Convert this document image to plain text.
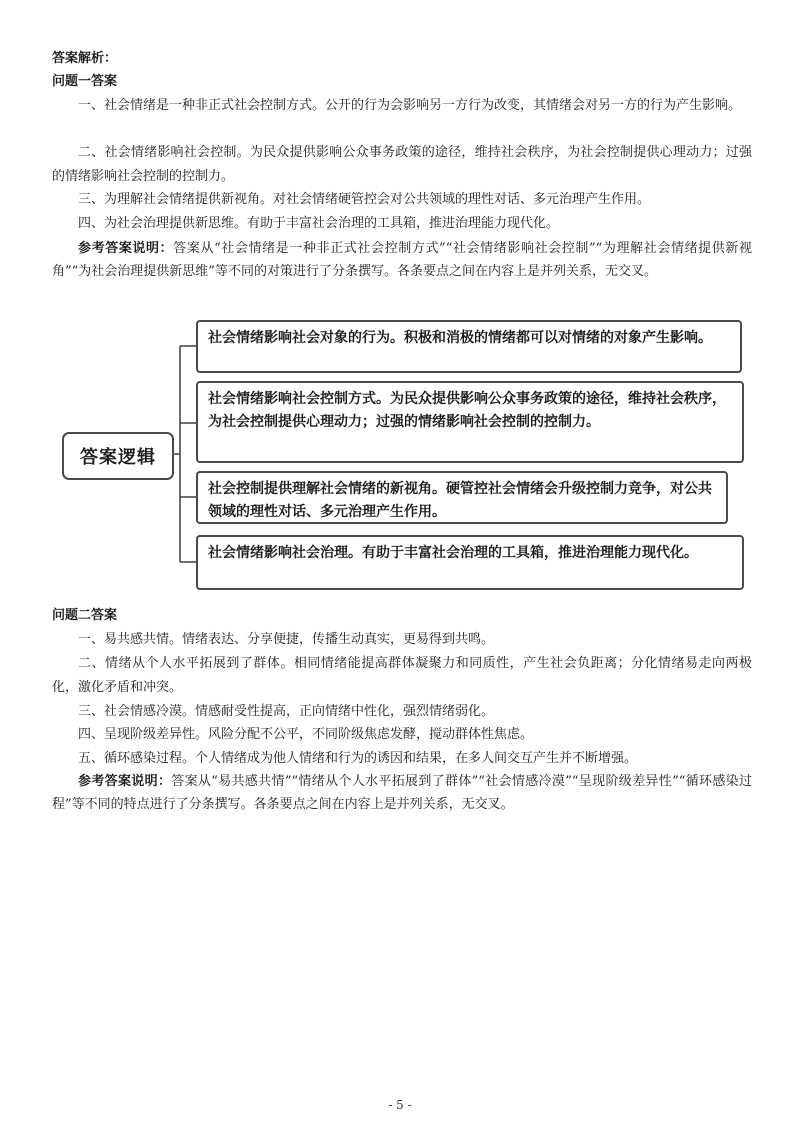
答案解析：
问题一答案
一、社会情绪是一种非正式社会控制方式。公开的行为会影响另一方行为改变，其情绪会对另一方的行为产生影响。
二、社会情绪影响社会控制。为民众提供影响公众事务政策的途径，维持社会秩序，为社会控制提供心理动力；过强的情绪影响社会控制的控制力。
三、为理解社会情绪提供新视角。对社会情绪硬管控会对公共领域的理性对话、多元治理产生作用。
四、为社会治理提供新思维。有助于丰富社会治理的工具箱，推进治理能力现代化。
参考答案说明：答案从“社会情绪是一种非正式社会控制方式”“社会情绪影响社会控制”“为理解社会情绪提供新视角”“为社会治理提供新思维”等不同的对策进行了分条撰写。各条要点之间在内容上是并列关系，无交叉。
答案逻辑
社会情绪影响社会对象的行为。积极和消极的情绪都可以对情绪的对象产生影响。
社会情绪影响社会控制方式。为民众提供影响公众事务政策的途径，维持社会秩序，为社会控制提供心理动力；过强的情绪影响社会控制的控制力。
社会控制提供理解社会情绪的新视角。硬管控社会情绪会升级控制力竞争，对公共领域的理性对话、多元治理产生作用。
社会情绪影响社会治理。有助于丰富社会治理的工具箱，推进治理能力现代化。
问题二答案
一、易共感共情。情绪表达、分享便捷，传播生动真实，更易得到共鸣。
二、情绪从个人水平拓展到了群体。相同情绪能提高群体凝聚力和同质性，产生社会负距离；分化情绪易走向两极化，激化矛盾和冲突。
三、社会情感冷漠。情感耐受性提高，正向情绪中性化，强烈情绪弱化。
四、呈现阶级差异性。风险分配不公平，不同阶级焦虑发酵，搅动群体性焦虑。
五、循环感染过程。个人情绪成为他人情绪和行为的诱因和结果，在多人间交互产生并不断增强。
参考答案说明：答案从“易共感共情”“情绪从个人水平拓展到了群体”“社会情感冷漠”“呈现阶级差异性”“循环感染过程”等不同的特点进行了分条撰写。各条要点之间在内容上是并列关系，无交叉。
- 5 -
